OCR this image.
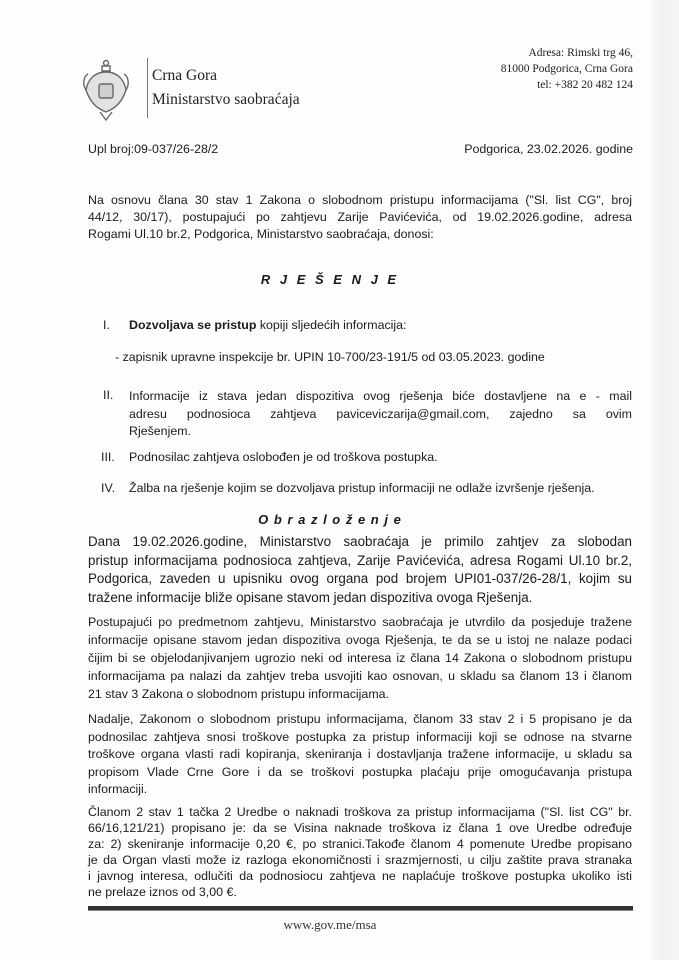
Crna Gora
Ministarstvo saobraćaja
Adresa: Rimski trg 46,
81000 Podgorica, Crna Gora
tel: +382 20 482 124
Upl broj:09-037/26-28/2	Podgorica, 23.02.2026. godine
Na osnovu člana 30 stav 1 Zakona o slobodnom pristupu informacijama ("Sl. list CG", broj
44/12, 30/17), postupajući po zahtjevu Zarije Pavićevića, od 19.02.2026.godine, adresa
Rogami Ul.10 br.2, Podgorica, Ministarstvo saobraćaja, donosi:
R J E Š E N J E
I. Dozvoljava se pristup kopiji sljedećih informacija:
- zapisnik upravne inspekcije br. UPIN 10-700/23-191/5 od 03.05.2023. godine
II. Informacije iz stava jedan dispozitiva ovog rješenja biće dostavljene na e - mail
adresu podnosioca zahtjeva paviceviczarija@gmail.com, zajedno sa ovim
Rješenjem.
III. Podnosilac zahtjeva oslobođen je od troškova postupka.
IV. Žalba na rješenje kojim se dozvoljava pristup informaciji ne odlaže izvršenje rješenja.
O b r a z l o ž e n j e
Dana 19.02.2026.godine, Ministarstvo saobraćaja je primilo zahtjev za slobodan
pristup informacijama podnosioca zahtjeva, Zarije Pavićevića, adresa Rogami Ul.10 br.2,
Podgorica, zaveden u upisniku ovog organa pod brojem UPI01-037/26-28/1, kojim su
tražene informacije bliže opisane stavom jedan dispozitiva ovoga Rješenja.
Postupajući po predmetnom zahtjevu, Ministarstvo saobraćaja je utvrdilo da posjeduje tražene
informacije opisane stavom jedan dispozitiva ovoga Rješenja, te da se u istoj ne nalaze podaci
čijim bi se objelodanjivanjem ugrozio neki od interesa iz člana 14 Zakona o slobodnom pristupu
informacijama pa nalazi da zahtjev treba usvojiti kao osnovan, u skladu sa članom 13 i članom
21 stav 3 Zakona o slobodnom pristupu informacijama.
Nadalje, Zakonom o slobodnom pristupu informacijama, članom 33 stav 2 i 5 propisano je da
podnosilac zahtjeva snosi troškove postupka za pristup informaciji koji se odnose na stvarne
troškove organa vlasti radi kopiranja, skeniranja i dostavljanja tražene informacije, u skladu sa
propisom Vlade Crne Gore i da se troškovi postupka plaćaju prije omogućavanja pristupa
informaciji.
Članom 2 stav 1 tačka 2 Uredbe o naknadi troškova za pristup informacijama ("Sl. list CG" br.
66/16,121/21) propisano je: da se Visina naknade troškova iz člana 1 ove Uredbe određuje
za: 2) skeniranje informacije 0,20 €, po stranici.Takođe članom 4 pomenute Uredbe propisano
je da Organ vlasti može iz razloga ekonomičnosti i srazmjernosti, u cilju zaštite prava stranaka
i javnog interesa, odlučiti da podnosiocu zahtjeva ne naplaćuje troškove postupka ukoliko isti
ne prelaze iznos od 3,00 €.
www.gov.me/msa
